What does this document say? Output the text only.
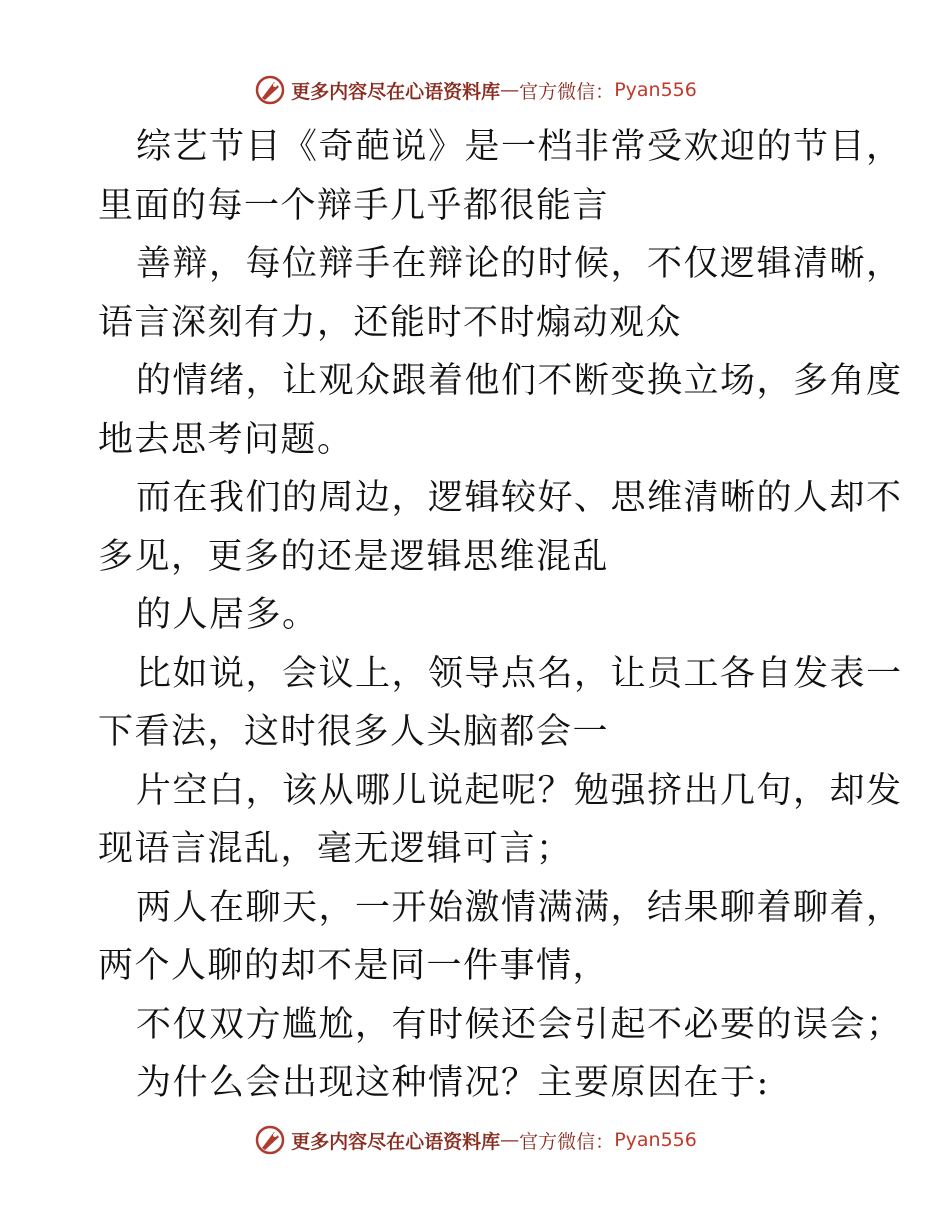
更多内容尽在心语资料库 — 官方微信： Pyan556
综艺节目《奇葩说》是一档非常受欢迎的节目，
里面的每一个辩手几乎都很能言
善辩，每位辩手在辩论的时候，不仅逻辑清晰，
语言深刻有力，还能时不时煽动观众
的情绪，让观众跟着他们不断变换立场，多角度
地去思考问题。
而在我们的周边，逻辑较好、思维清晰的人却不
多见，更多的还是逻辑思维混乱
的人居多。
比如说，会议上，领导点名，让员工各自发表一
下看法，这时很多人头脑都会一
片空白，该从哪儿说起呢？勉强挤出几句，却发
现语言混乱，毫无逻辑可言；
两人在聊天，一开始激情满满，结果聊着聊着，
两个人聊的却不是同一件事情，
不仅双方尴尬，有时候还会引起不必要的误会；
为什么会出现这种情况？主要原因在于:
更多内容尽在心语资料库 — 官方微信： Pyan556
